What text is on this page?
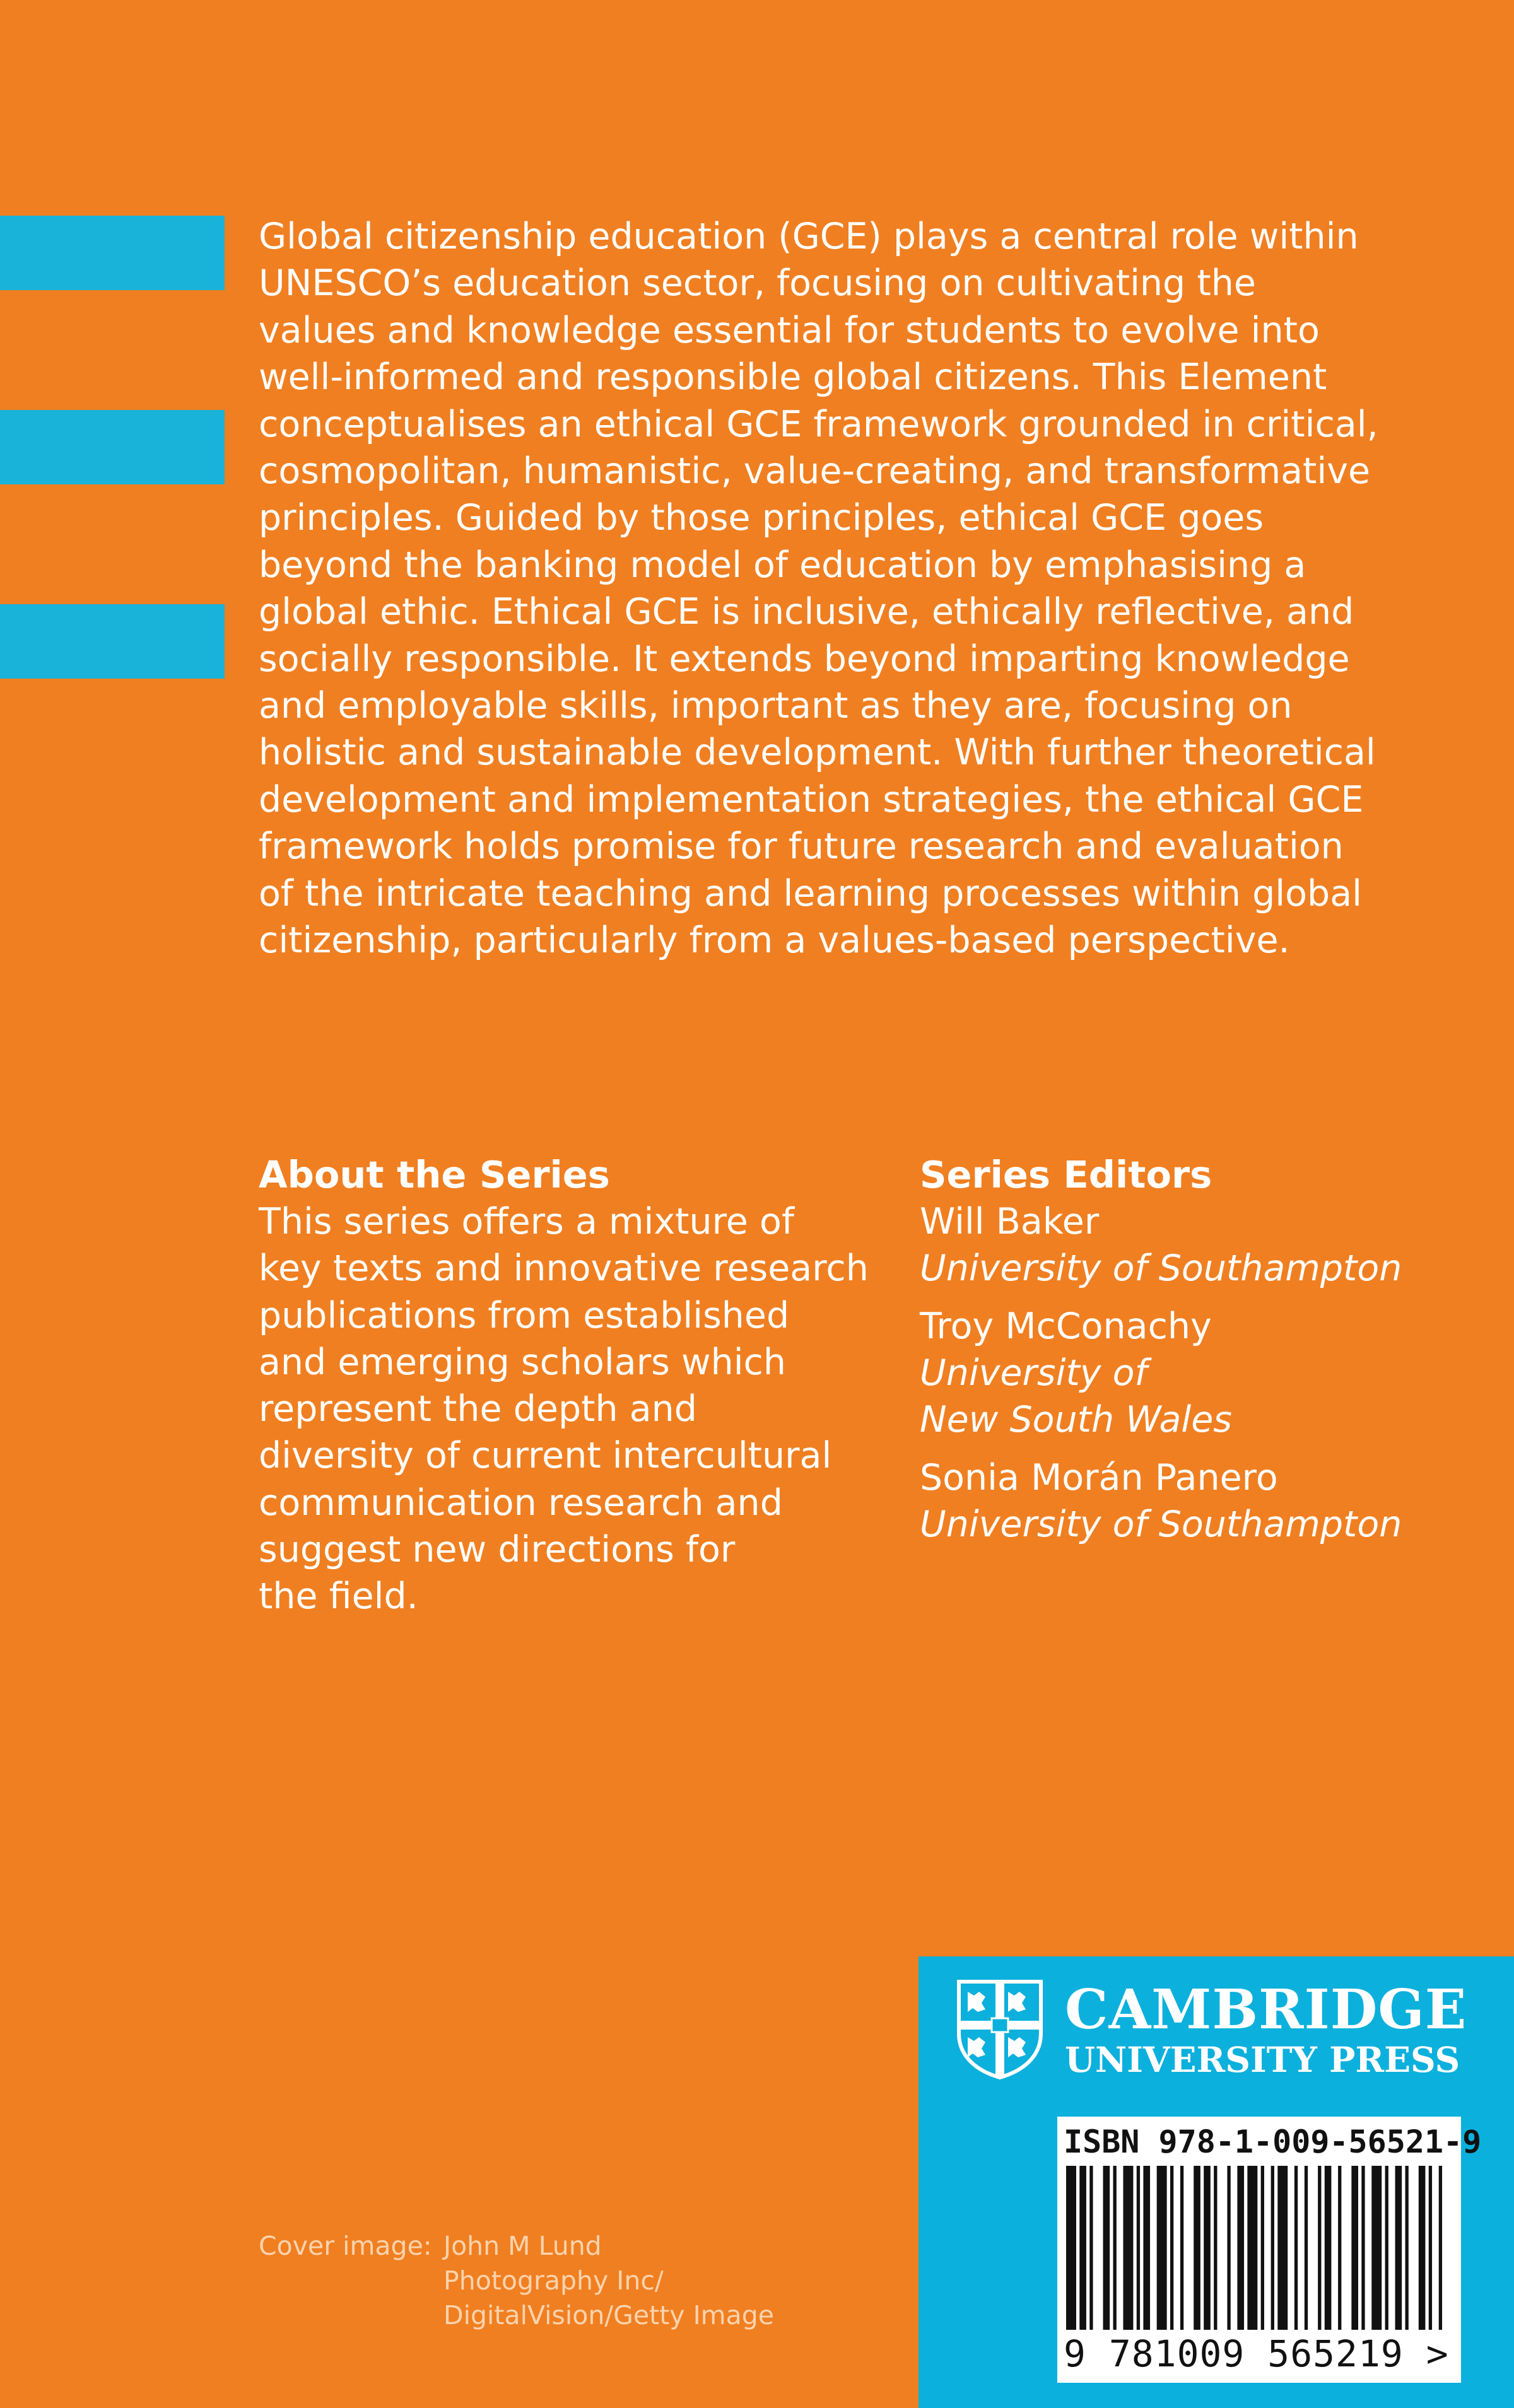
Global citizenship education (GCE) plays a central role within
UNESCO’s education sector, focusing on cultivating the
values and knowledge essential for students to evolve into
well-informed and responsible global citizens. This Element
conceptualises an ethical GCE framework grounded in critical,
cosmopolitan, humanistic, value-creating, and transformative
principles. Guided by those principles, ethical GCE goes
beyond the banking model of education by emphasising a
global ethic. Ethical GCE is inclusive, ethically reflective, and
socially responsible. It extends beyond imparting knowledge
and employable skills, important as they are, focusing on
holistic and sustainable development. With further theoretical
development and implementation strategies, the ethical GCE
framework holds promise for future research and evaluation
of the intricate teaching and learning processes within global
citizenship, particularly from a values-based perspective.

About the Series

This series offers a mixture of
key texts and innovative research
publications from established
and emerging scholars which
represent the depth and
diversity of current intercultural
communication research and
suggest new directions for
the field.

Series Editors
Will Baker
University of Southampton
Troy McConachy
University of
New South Wales
Sonia Morán Panero
University of Southampton
Cover image: John M Lund
Photography Inc/
DigitalVision/Getty Image
CAMBRIDGE
UNIVERSITY PRESS
ISBN 978-1-009-56521-9
9 781009 565219 >
